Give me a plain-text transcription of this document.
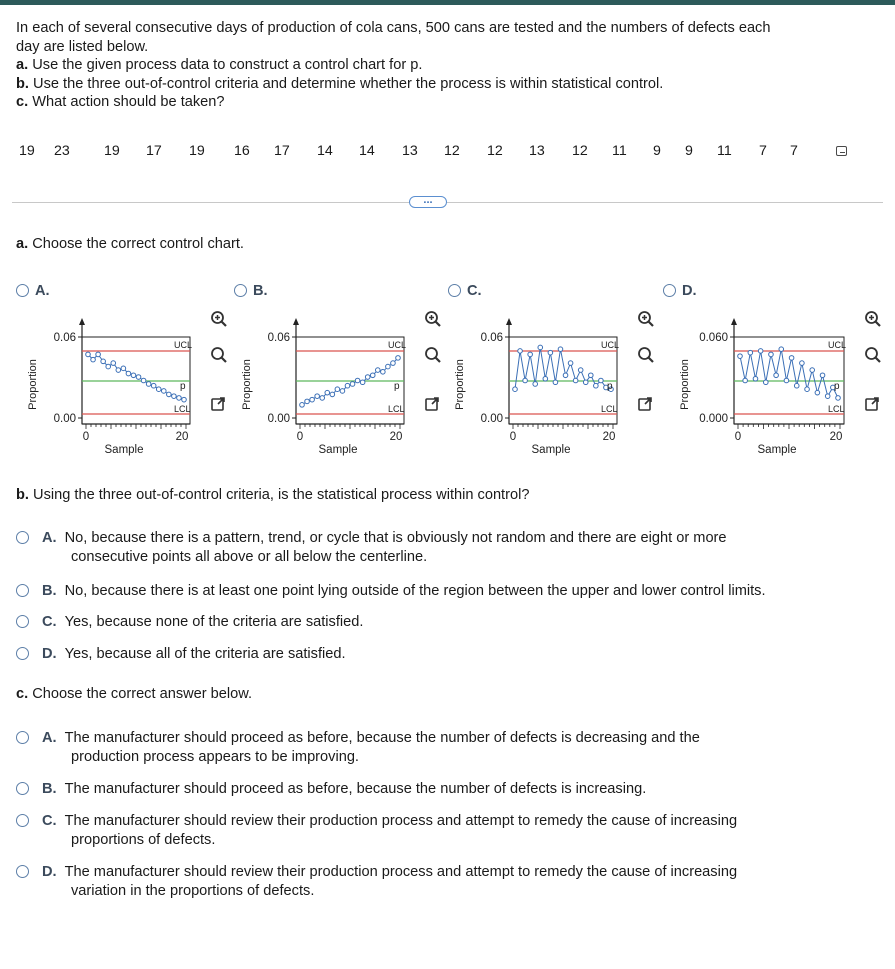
In each of several consecutive days of production of cola cans, 500 cans are tested and the numbers of defects each
day are listed below.
a. Use the given process data to construct a control chart for p.
b. Use the three out-of-control criteria and determine whether the process is within statistical control.
c. What action should be taken?
19 23 19 17 19 16 17 14 14 13 12 12 13 12 11 9 9 11 7 7
...
a. Choose the correct control chart.
A.
0.06
0.00
0	20
Sample
Proportion
UCL
p
LCL
B.
0.06
0.00
0	20
Sample
Proportion
UCL
p
LCL
C.
0.06
0.00
0	20
Sample
Proportion
UCL
p
LCL
D.
0.060
0.000
0	20
Sample
Proportion
UCL
p
LCL
b. Using the three out-of-control criteria, is the statistical process within control?
A. No, because there is a pattern, trend, or cycle that is obviously not random and there are eight or more
consecutive points all above or all below the centerline.
B. No, because there is at least one point lying outside of the region between the upper and lower control limits.
C. Yes, because none of the criteria are satisfied.
D. Yes, because all of the criteria are satisfied.
c. Choose the correct answer below.
A. The manufacturer should proceed as before, because the number of defects is decreasing and the
production process appears to be improving.
B. The manufacturer should proceed as before, because the number of defects is increasing.
C. The manufacturer should review their production process and attempt to remedy the cause of increasing
proportions of defects.
D. The manufacturer should review their production process and attempt to remedy the cause of increasing
variation in the proportions of defects.
